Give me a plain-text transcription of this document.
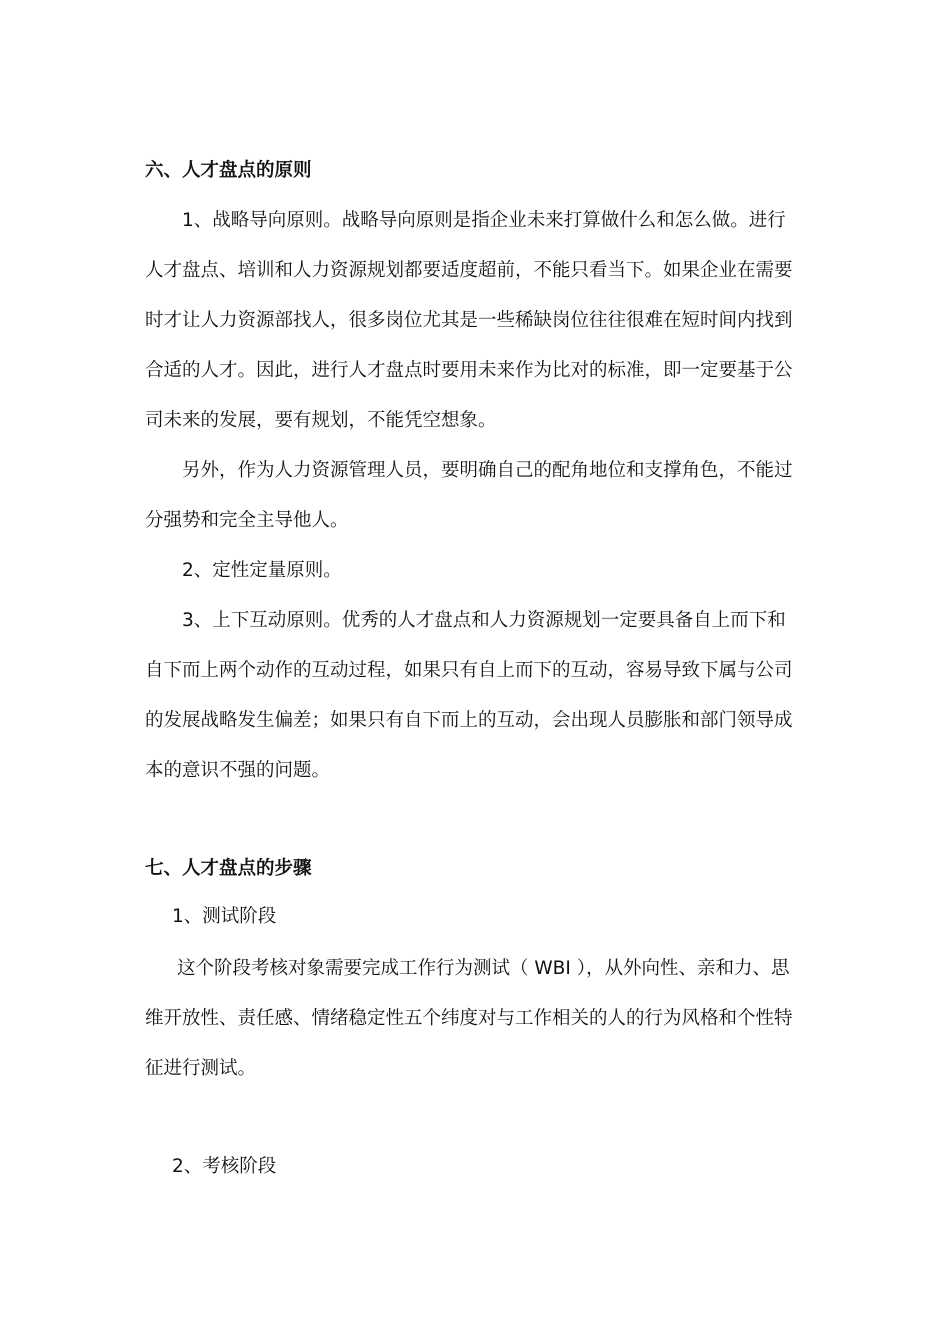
六、人才盘点的原则
1、战略导向原则。战略导向原则是指企业未来打算做什么和怎么做。进行
人才盘点、培训和人力资源规划都要适度超前，不能只看当下。如果企业在需要
时才让人力资源部找人，很多岗位尤其是一些稀缺岗位往往很难在短时间内找到
合适的人才。因此，进行人才盘点时要用未来作为比对的标准，即一定要基于公
司未来的发展，要有规划，不能凭空想象。
另外，作为人力资源管理人员，要明确自己的配角地位和支撑角色，不能过
分强势和完全主导他人。
2、定性定量原则。
3、上下互动原则。优秀的人才盘点和人力资源规划一定要具备自上而下和
自下而上两个动作的互动过程，如果只有自上而下的互动，容易导致下属与公司
的发展战略发生偏差；如果只有自下而上的互动，会出现人员膨胀和部门领导成
本的意识不强的问题。
七、人才盘点的步骤
1、测试阶段
这个阶段考核对象需要完成工作行为测试（ WBI ），从外向性、亲和力、思
维开放性、责任感、情绪稳定性五个纬度对与工作相关的人的行为风格和个性特
征进行测试。
2、考核阶段
